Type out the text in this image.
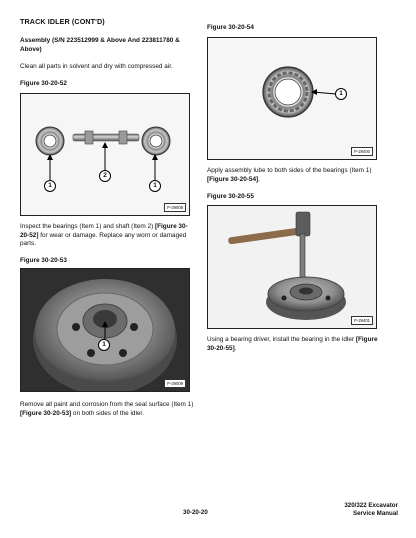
TRACK IDLER (CONT'D)
Assembly (S/N 223512999 & Above And 223811780 & Above)
Clean all parts in solvent and dry with compressed air.
Figure 30-20-52
1
2
1
P-29008
Inspect the bearings (Item 1) and shaft (Item 2) [Figure 30-20-52] for wear or damage. Replace any worn or damaged parts.
Figure 30-20-53
1
P-29009
Remove all paint and corrosion from the seal surface (Item 1) [Figure 30-20-53] on both sides of the idler.
Figure 30-20-54
1
P-29400
Apply assembly lube to both sides of the bearings (Item 1) [Figure 30-20-54].
Figure 30-20-55
P-29401
Using a bearing driver, install the bearing in the idler [Figure 30-20-55].
30-20-20
320/322 Excavator
Service Manual
